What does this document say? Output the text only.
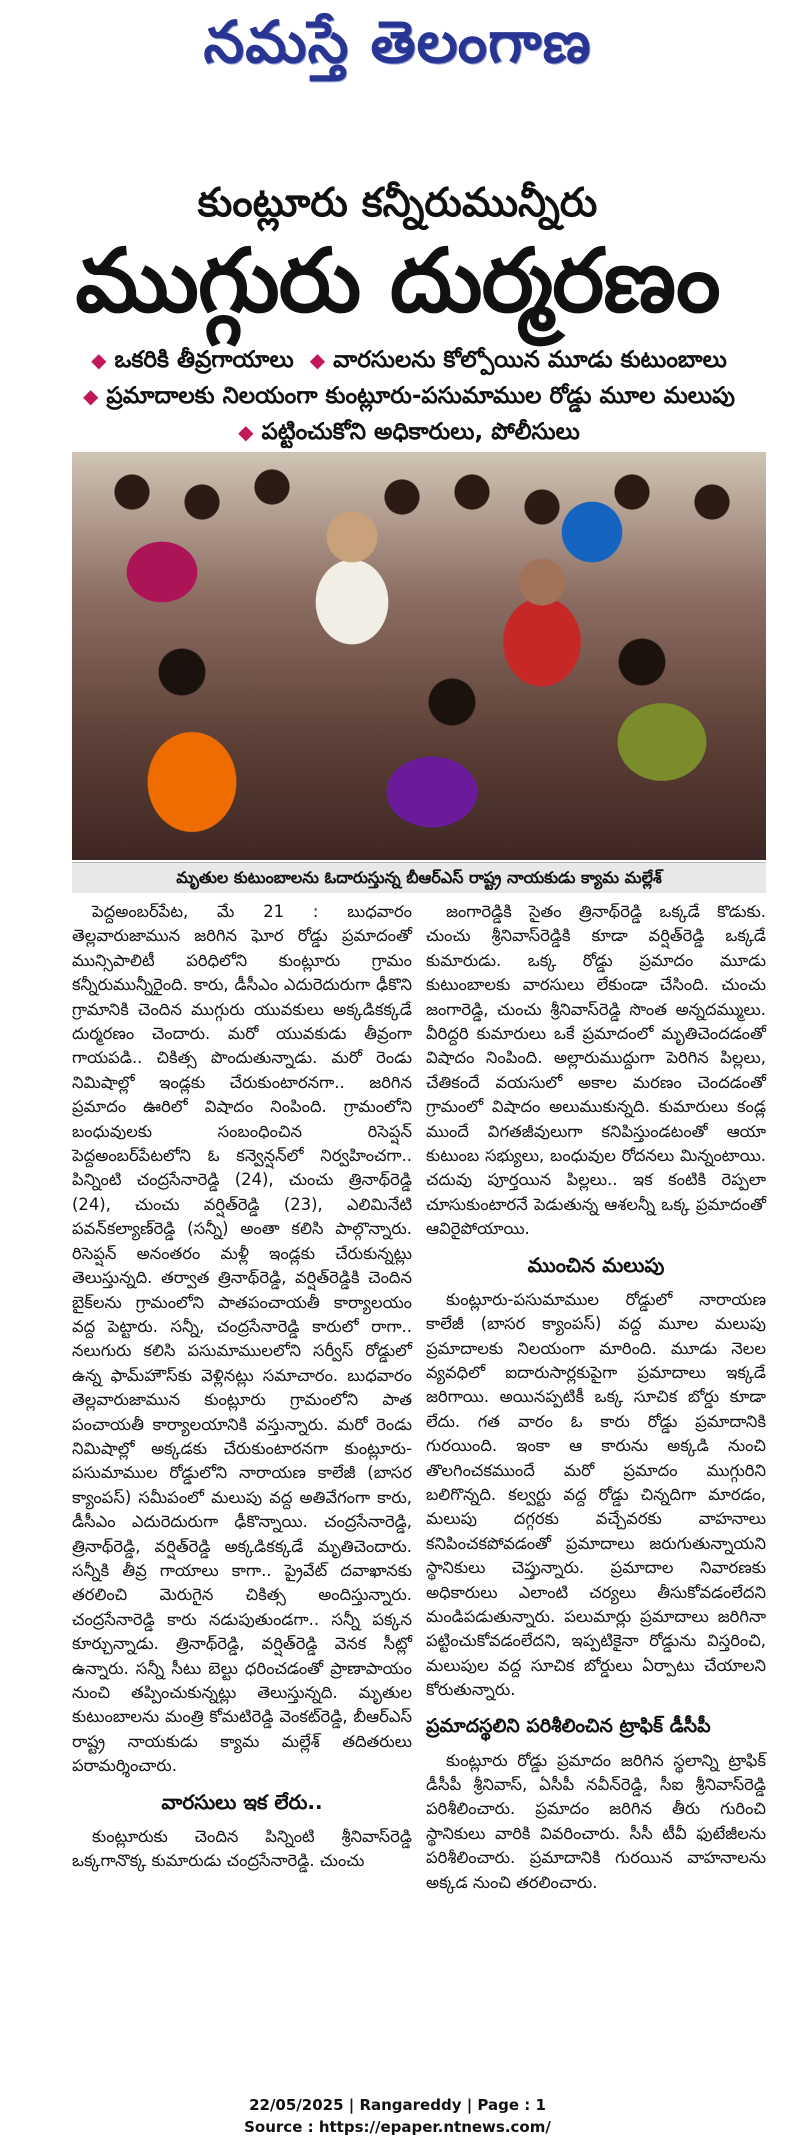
నమస్తే తెలంగాణ
కుంట్లూరు కన్నీరుమున్నీరు
ముగ్గురు దుర్మరణం
◆ ఒకరికి తీవ్రగాయాలు ◆ వారసులను కోల్పోయిన మూడు కుటుంబాలు
◆ ప్రమాదాలకు నిలయంగా కుంట్లూరు-పసుమాముల రోడ్డు మూల మలుపు
◆ పట్టించుకోని అధికారులు, పోలీసులు
మృతుల కుటుంబాలను ఓదారుస్తున్న బీఆర్‌ఎస్‌ రాష్ట్ర నాయకుడు క్యామ మల్లేశ్‌

పెద్దఅంబర్‌పేట, మే 21 : బుధవారం తెల్లవారుజామున జరిగిన ఘోర రోడ్డు ప్రమాదంతో మున్సిపాలిటీ పరిధిలోని కుంట్లూరు గ్రామం కన్నీరుమున్నీరైంది. కారు, డీసీఎం ఎదురెదురుగా ఢీకొని గ్రామానికి చెందిన ముగ్గురు యువకులు అక్కడికక్కడే దుర్మరణం చెందారు. మరో యువకుడు తీవ్రంగా గాయపడి.. చికిత్స పొందుతున్నాడు. మరో రెండు నిమిషాల్లో ఇండ్లకు చేరుకుంటారనగా.. జరిగిన ప్రమాదం ఊరిలో విషాదం నింపింది. గ్రామంలోని బంధువులకు సంబంధించిన రిసెప్షన్‌ పెద్దఅంబర్‌పేటలోని ఓ కన్వెన్షన్‌లో నిర్వహించగా.. పిన్నింటి చంద్రసేనారెడ్డి (24), చుంచు త్రినాథ్‌రెడ్డి (24), చుంచు వర్షిత్‌రెడ్డి (23), ఎలిమినేటి పవన్‌కల్యాణ్‌రెడ్డి (సన్నీ) అంతా కలిసి పాల్గొన్నారు. రిసెప్షన్‌ అనంతరం మళ్లీ ఇండ్లకు చేరుకున్నట్లు తెలుస్తున్నది. తర్వాత త్రినాథ్‌రెడ్డి, వర్షిత్‌రెడ్డికి చెందిన బైక్‌లను గ్రామంలోని పాతపంచాయతీ కార్యాలయం వద్ద పెట్టారు. సన్నీ, చంద్రసేనారెడ్డి కారులో రాగా.. నలుగురు కలిసి పసుమాములలోని సర్వీస్‌ రోడ్డులో ఉన్న ఫామ్‌హౌస్‌కు వెళ్లినట్లు సమాచారం. బుధవారం తెల్లవారుజామున కుంట్లూరు గ్రామంలోని పాత పంచాయతీ కార్యాలయానికి వస్తున్నారు. మరో రెండు నిమిషాల్లో అక్కడకు చేరుకుంటారనగా కుంట్లూరు-పసుమాముల రోడ్డులోని నారాయణ కాలేజీ (బాసర క్యాంపస్‌) సమీపంలో మలుపు వద్ద అతివేగంగా కారు, డీసీఎం ఎదురెదురుగా ఢీకొన్నాయి. చంద్రసేనారెడ్డి, త్రినాథ్‌రెడ్డి, వర్షిత్‌రెడ్డి అక్కడికక్కడే మృతిచెందారు. సన్నీకి తీవ్ర గాయాలు కాగా.. ప్రైవేట్‌ దవాఖానకు తరలించి మెరుగైన చికిత్స అందిస్తున్నారు. చంద్రసేనారెడ్డి కారు నడుపుతుండగా.. సన్నీ పక్కన కూర్చున్నాడు. త్రినాథ్‌రెడ్డి, వర్షిత్‌రెడ్డి వెనక సీట్లో ఉన్నారు. సన్నీ సీటు బెల్టు ధరించడంతో ప్రాణాపాయం నుంచి తప్పించుకున్నట్లు తెలుస్తున్నది. మృతుల కుటుంబాలను మంత్రి కోమటిరెడ్డి వెంకట్‌రెడ్డి, బీఆర్‌ఎస్‌ రాష్ట్ర నాయకుడు క్యామ మల్లేశ్‌ తదితరులు పరామర్శించారు.

వారసులు ఇక లేరు..

కుంట్లూరుకు చెందిన పిన్నింటి శ్రీనివాస్‌రెడ్డి ఒక్కగానొక్క కుమారుడు చంద్రసేనారెడ్డి. చుంచు

జంగారెడ్డికి సైతం త్రినాథ్‌రెడ్డి ఒక్కడే కొడుకు. చుంచు శ్రీనివాస్‌రెడ్డికి కూడా వర్షిత్‌రెడ్డి ఒక్కడే కుమారుడు. ఒక్క రోడ్డు ప్రమాదం మూడు కుటుంబాలకు వారసులు లేకుండా చేసింది. చుంచు జంగారెడ్డి, చుంచు శ్రీనివాస్‌రెడ్డి సొంత అన్నదమ్ములు. వీరిద్దరి కుమారులు ఒకే ప్రమాదంలో మృతిచెందడంతో విషాదం నింపింది. అల్లారుముద్దుగా పెరిగిన పిల్లలు, చేతికందే వయసులో అకాల మరణం చెందడంతో గ్రామంలో విషాదం అలుముకున్నది. కుమారులు కండ్ల ముందే విగతజీవులుగా కనిపిస్తుండటంతో ఆయా కుటుంబ సభ్యులు, బంధువుల రోదనలు మిన్నంటాయి. చదువు పూర్తయిన పిల్లలు.. ఇక కంటికి రెప్పలా చూసుకుంటారనే పెడుతున్న ఆశలన్నీ ఒక్క ప్రమాదంతో ఆవిరైపోయాయి.

ముంచిన మలుపు

కుంట్లూరు-పసుమాముల రోడ్డులో నారాయణ కాలేజీ (బాసర క్యాంపస్‌) వద్ద మూల మలుపు ప్రమాదాలకు నిలయంగా మారింది. మూడు నెలల వ్యవధిలో ఐదారుసార్లకుపైగా ప్రమాదాలు ఇక్కడే జరిగాయి. అయినప్పటికీ ఒక్క సూచిక బోర్డు కూడా లేదు. గత వారం ఓ కారు రోడ్డు ప్రమాదానికి గురయింది. ఇంకా ఆ కారును అక్కడి నుంచి తొలగించకముందే మరో ప్రమాదం ముగ్గురిని బలిగొన్నది. కల్వర్టు వద్ద రోడ్డు చిన్నదిగా మారడం, మలుపు దగ్గరకు వచ్చేవరకు వాహనాలు కనిపించకపోవడంతో ప్రమాదాలు జరుగుతున్నాయని స్థానికులు చెప్తున్నారు. ప్రమాదాల నివారణకు అధికారులు ఎలాంటి చర్యలు తీసుకోవడంలేదని మండిపడుతున్నారు. పలుమార్లు ప్రమాదాలు జరిగినా పట్టించుకోవడంలేదని, ఇప్పటికైనా రోడ్డును విస్తరించి, మలుపుల వద్ద సూచిక బోర్డులు ఏర్పాటు చేయాలని కోరుతున్నారు.

ప్రమాదస్థలిని పరిశీలించిన ట్రాఫిక్‌ డీసీపీ

కుంట్లూరు రోడ్డు ప్రమాదం జరిగిన స్థలాన్ని ట్రాఫిక్‌ డీసీపీ శ్రీనివాస్‌, ఏసీపీ నవీన్‌రెడ్డి, సీఐ శ్రీనివాస్‌రెడ్డి పరిశీలించారు. ప్రమాదం జరిగిన తీరు గురించి స్థానికులు వారికి వివరించారు. సీసీ టీవీ ఫుటేజీలను పరిశీలించారు. ప్రమాదానికి గురయిన వాహనాలను అక్కడ నుంచి తరలించారు.

22/05/2025 | Rangareddy | Page : 1
Source : https://epaper.ntnews.com/
